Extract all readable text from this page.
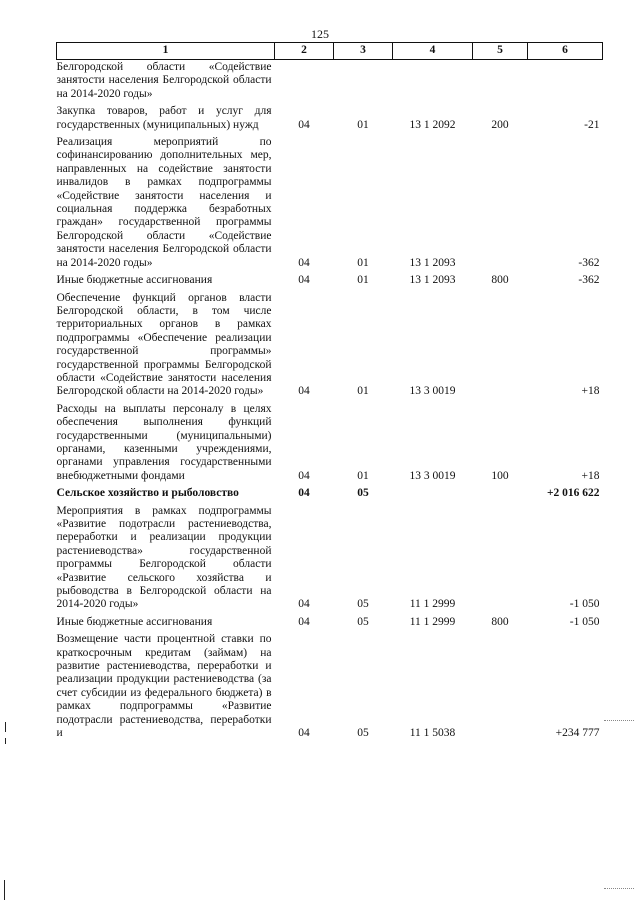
125
1	2	3	4	5	6
Белгородской области «Содействие занятости населения Белгородской области на 2014-2020 годы»					
Закупка товаров, работ и услуг для государственных (муниципальных) нужд	04	01	13 1 2092	200	-21
Реализация мероприятий по софинансированию дополнительных мер, направленных на содействие занятости инвалидов в рамках подпрограммы «Содействие занятости населения и социальная поддержка безработных граждан» государственной программы Белгородской области «Содействие занятости населения Белгородской области на 2014-2020 годы»	04	01	13 1 2093		-362
Иные бюджетные ассигнования	04	01	13 1 2093	800	-362
Обеспечение функций органов власти Белгородской области, в том числе территориальных органов в рамках подпрограммы «Обеспечение реализации государственной программы» государственной программы Белгородской области «Содействие занятости населения Белгородской области на 2014-2020 годы»	04	01	13 3 0019		+18
Расходы на выплаты персоналу в целях обеспечения выполнения функций государственными (муниципальными) органами, казенными учреждениями, органами управления государственными внебюджетными фондами	04	01	13 3 0019	100	+18
Сельское хозяйство и рыболовство	04	05			+2 016 622
Мероприятия в рамках подпрограммы «Развитие подотрасли растениеводства, переработки и реализации продукции растениеводства» государственной программы Белгородской области «Развитие сельского хозяйства и рыбоводства в Белгородской области на 2014-2020 годы»	04	05	11 1 2999		-1 050
Иные бюджетные ассигнования	04	05	11 1 2999	800	-1 050
Возмещение части процентной ставки по краткосрочным кредитам (займам) на развитие растениеводства, переработки и реализации продукции растениеводства (за счет субсидии из федерального бюджета) в рамках подпрограммы «Развитие подотрасли растениеводства, переработки и	04	05	11 1 5038		+234 777
